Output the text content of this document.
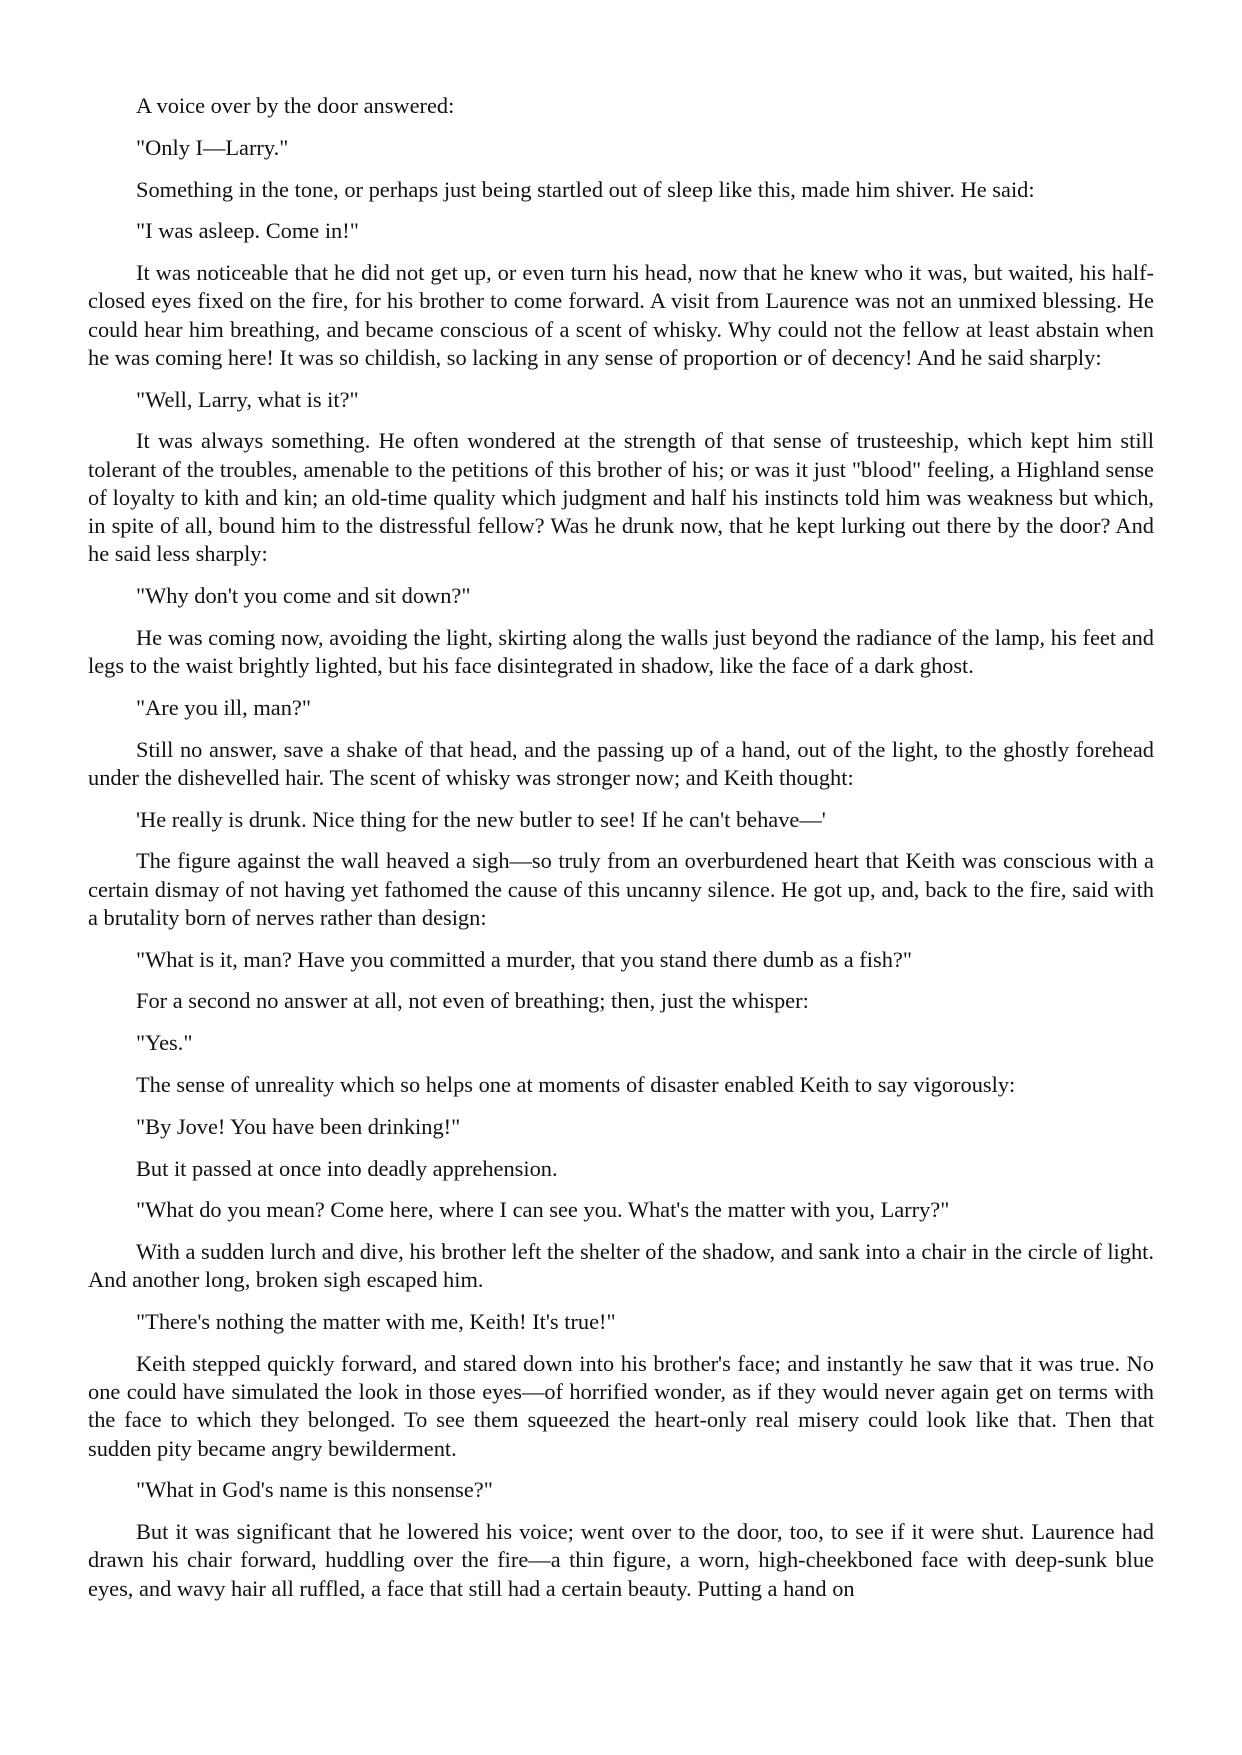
A voice over by the door answered:

"Only I—Larry."

Something in the tone, or perhaps just being startled out of sleep like this, made him shiver. He said:

"I was asleep. Come in!"

It was noticeable that he did not get up, or even turn his head, now that he knew who it was, but waited, his half-closed eyes fixed on the fire, for his brother to come forward. A visit from Laurence was not an unmixed blessing. He could hear him breathing, and became conscious of a scent of whisky. Why could not the fellow at least abstain when he was coming here! It was so childish, so lacking in any sense of proportion or of decency! And he said sharply:

"Well, Larry, what is it?"

It was always something. He often wondered at the strength of that sense of trusteeship, which kept him still tolerant of the troubles, amenable to the petitions of this brother of his; or was it just "blood" feeling, a Highland sense of loyalty to kith and kin; an old-time quality which judgment and half his instincts told him was weakness but which, in spite of all, bound him to the distressful fellow? Was he drunk now, that he kept lurking out there by the door? And he said less sharply:

"Why don't you come and sit down?"

He was coming now, avoiding the light, skirting along the walls just beyond the radiance of the lamp, his feet and legs to the waist brightly lighted, but his face disintegrated in shadow, like the face of a dark ghost.

"Are you ill, man?"

Still no answer, save a shake of that head, and the passing up of a hand, out of the light, to the ghostly forehead under the dishevelled hair. The scent of whisky was stronger now; and Keith thought:

'He really is drunk. Nice thing for the new butler to see! If he can't behave—'

The figure against the wall heaved a sigh—so truly from an overburdened heart that Keith was conscious with a certain dismay of not having yet fathomed the cause of this uncanny silence. He got up, and, back to the fire, said with a brutality born of nerves rather than design:

"What is it, man? Have you committed a murder, that you stand there dumb as a fish?"

For a second no answer at all, not even of breathing; then, just the whisper:

"Yes."

The sense of unreality which so helps one at moments of disaster enabled Keith to say vigorously:

"By Jove! You have been drinking!"

But it passed at once into deadly apprehension.

"What do you mean? Come here, where I can see you. What's the matter with you, Larry?"

With a sudden lurch and dive, his brother left the shelter of the shadow, and sank into a chair in the circle of light. And another long, broken sigh escaped him.

"There's nothing the matter with me, Keith! It's true!"

Keith stepped quickly forward, and stared down into his brother's face; and instantly he saw that it was true. No one could have simulated the look in those eyes—of horrified wonder, as if they would never again get on terms with the face to which they belonged. To see them squeezed the heart-only real misery could look like that. Then that sudden pity became angry bewilderment.

"What in God's name is this nonsense?"

But it was significant that he lowered his voice; went over to the door, too, to see if it were shut. Laurence had drawn his chair forward, huddling over the fire—a thin figure, a worn, high-cheekboned face with deep-sunk blue eyes, and wavy hair all ruffled, a face that still had a certain beauty. Putting a hand on
